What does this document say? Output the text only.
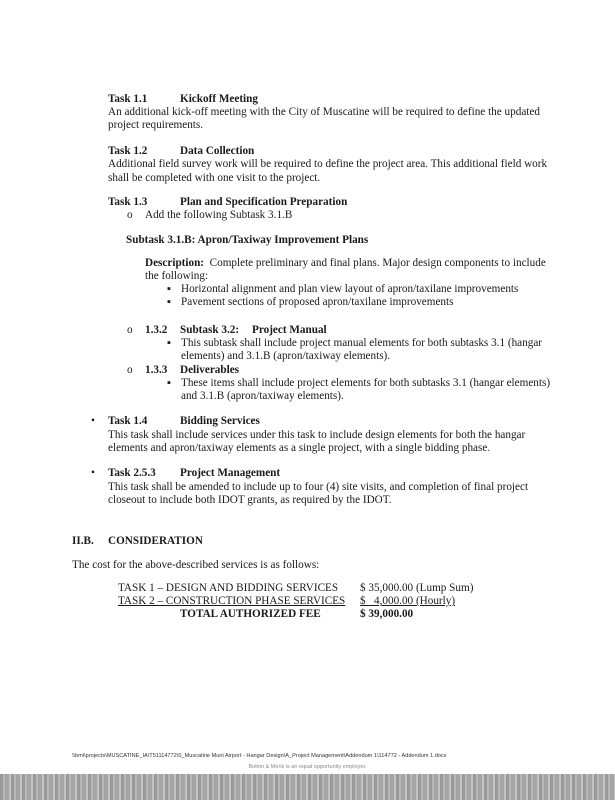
Task 1.1	Kickoff Meeting
An additional kick-off meeting with the City of Muscatine will be required to define the updated
project requirements.
Task 1.2	Data Collection
Additional field survey work will be required to define the project area. This additional field work
shall be completed with one visit to the project.
Task 1.3	Plan and Specification Preparation
o Add the following Subtask 3.1.B
Subtask 3.1.B: Apron/Taxiway Improvement Plans
Description: Complete preliminary and final plans. Major design components to include
the following:
▪ Horizontal alignment and plan view layout of apron/taxilane improvements
▪ Pavement sections of proposed apron/taxilane improvements
o 1.3.2 Subtask 3.2: Project Manual
▪ This subtask shall include project manual elements for both subtasks 3.1 (hangar
elements) and 3.1.B (apron/taxiway elements).
o 1.3.3 Deliverables
▪ These items shall include project elements for both subtasks 3.1 (hangar elements)
and 3.1.B (apron/taxiway elements).
• Task 1.4	Bidding Services
This task shall include services under this task to include design elements for both the hangar
elements and apron/taxiway elements as a single project, with a single bidding phase.
• Task 2.5.3 Project Management
This task shall be amended to include up to four (4) site visits, and completion of final project
closeout to include both IDOT grants, as required by the IDOT.
II.B. CONSIDERATION
The cost for the above-described services is as follows:
TASK 1 – DESIGN AND BIDDING SERVICES $ 35,000.00 (Lump Sum)
TASK 2 – CONSTRUCTION PHASE SERVICES $   4,000.00 (Hourly)
TOTAL AUTHORIZED FEE	$ 39,000.00
\\bmi\projects\MUSCATINE_IA\T51114772\0_Muscatine Muni Airport - Hangar Design\A_Project Management\Addendum 1\114772 - Addendum 1.docx
Bolton & Menk is an equal opportunity employer.
